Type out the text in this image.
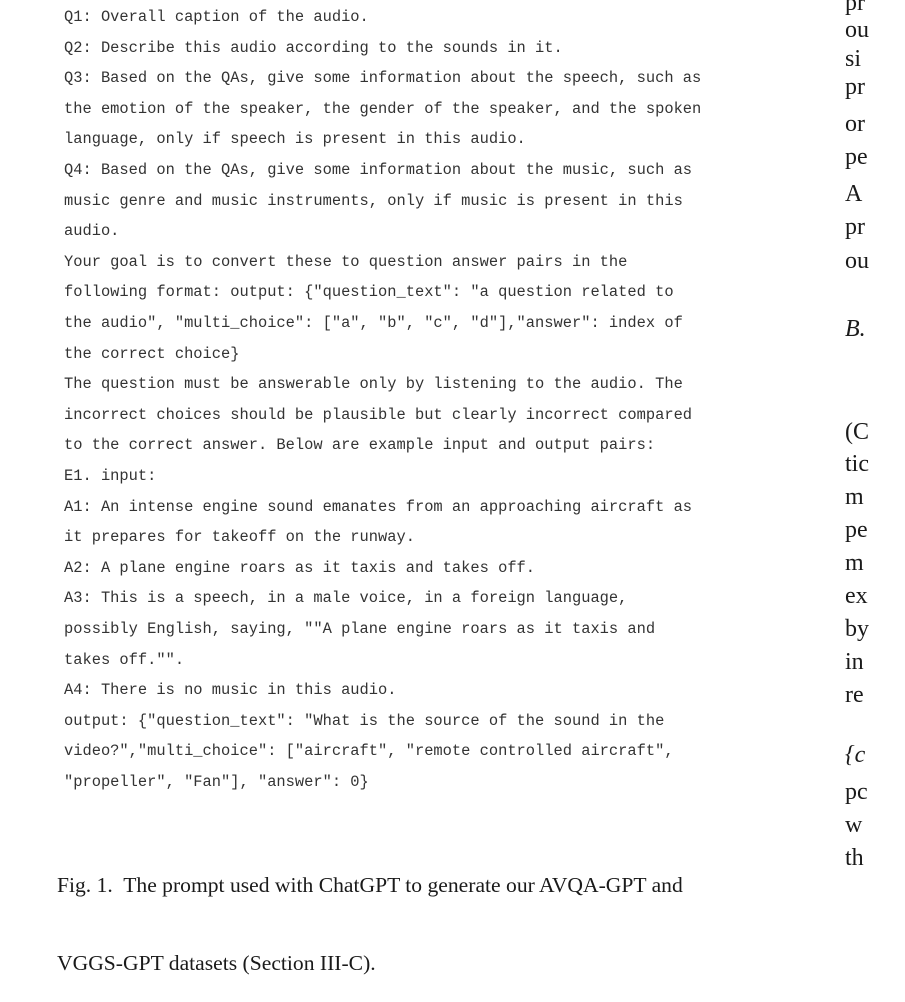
Q1: Overall caption of the audio.
Q2: Describe this audio according to the sounds in it.
Q3: Based on the QAs, give some information about the speech, such as
the emotion of the speaker, the gender of the speaker, and the spoken
language, only if speech is present in this audio.
Q4: Based on the QAs, give some information about the music, such as
music genre and music instruments, only if music is present in this
audio.
Your goal is to convert these to question answer pairs in the
following format: output: {"question_text": "a question related to
the audio", "multi_choice": ["a", "b", "c", "d"],"answer": index of
the correct choice}
The question must be answerable only by listening to the audio. The
incorrect choices should be plausible but clearly incorrect compared
to the correct answer. Below are example input and output pairs:
E1. input:
A1: An intense engine sound emanates from an approaching aircraft as
it prepares for takeoff on the runway.
A2: A plane engine roars as it taxis and takes off.
A3: This is a speech, in a male voice, in a foreign language,
possibly English, saying, ""A plane engine roars as it taxis and
takes off."".
A4: There is no music in this audio.
output: {"question_text": "What is the source of the sound in the
video?","multi_choice": ["aircraft", "remote controlled aircraft",
"propeller", "Fan"], "answer": 0}

Fig. 1.  The prompt used with ChatGPT to generate our AVQA-GPT and

VGGS-GPT datasets (Section III-C).

pr
ou
si
pr
or
pe
A
pr
ou
B.
(C
tic
m
pe
m
ex
by
in
re
{c
pc
w
th
